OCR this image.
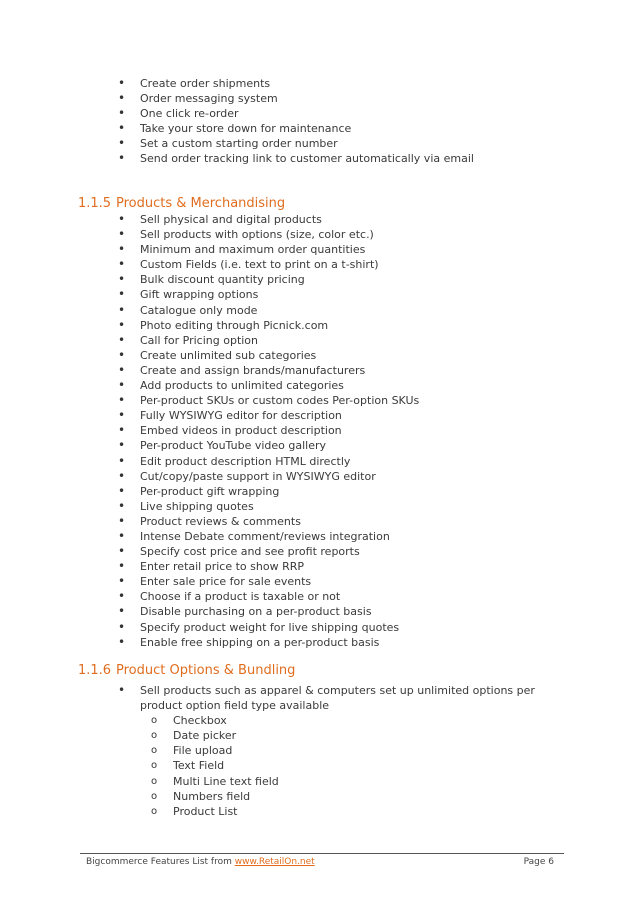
• Create order shipments
• Order messaging system
• One click re-order
• Take your store down for maintenance
• Set a custom starting order number
• Send order tracking link to customer automatically via email
1.1.5 Products & Merchandising
• Sell physical and digital products
• Sell products with options (size, color etc.)
• Minimum and maximum order quantities
• Custom Fields (i.e. text to print on a t-shirt)
• Bulk discount quantity pricing
• Gift wrapping options
• Catalogue only mode
• Photo editing through Picnick.com
• Call for Pricing option
• Create unlimited sub categories
• Create and assign brands/manufacturers
• Add products to unlimited categories
• Per-product SKUs or custom codes Per-option SKUs
• Fully WYSIWYG editor for description
• Embed videos in product description
• Per-product YouTube video gallery
• Edit product description HTML directly
• Cut/copy/paste support in WYSIWYG editor
• Per-product gift wrapping
• Live shipping quotes
• Product reviews & comments
• Intense Debate comment/reviews integration
• Specify cost price and see profit reports
• Enter retail price to show RRP
• Enter sale price for sale events
• Choose if a product is taxable or not
• Disable purchasing on a per-product basis
• Specify product weight for live shipping quotes
• Enable free shipping on a per-product basis
1.1.6 Product Options & Bundling
• Sell products such as apparel & computers set up unlimited options per product option field type available
o Checkbox
o Date picker
o File upload
o Text Field
o Multi Line text field
o Numbers field
o Product List
Bigcommerce Features List from www.RetailOn.net	Page 6
